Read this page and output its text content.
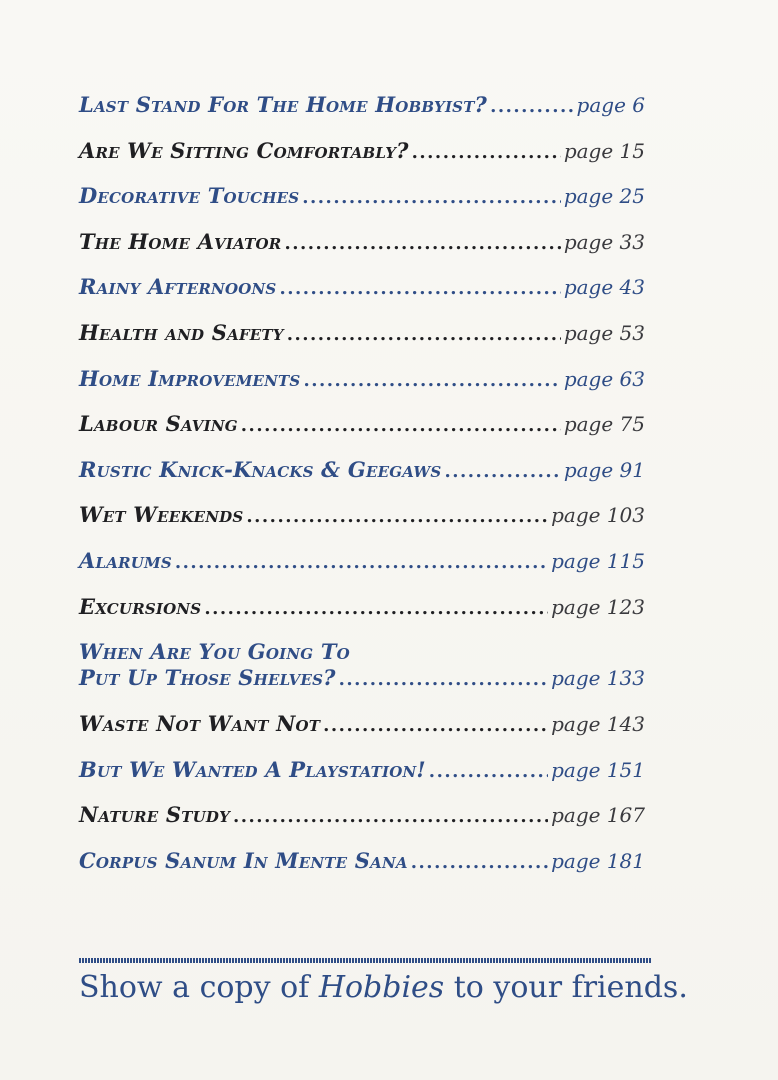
Last Stand For The Home Hobbyist? .....	page 6
Are We Sitting Comfortably? .....	page 15
Decorative Touches .....	page 25
The Home Aviator .....	page 33
Rainy Afternoons .....	page 43
Health and Safety .....	page 53
Home Improvements .....	page 63
Labour Saving .....	page 75
Rustic Knick-Knacks & Geegaws .....	page 91
Wet Weekends .....	page 103
Alarums .....	page 115
Excursions .....	page 123
When Are You Going To
Put Up Those Shelves? .....	page 133
Waste Not Want Not .....	page 143
But We Wanted A Playstation! .....	page 151
Nature Study .....	page 167
Corpus Sanum In Mente Sana .....	page 181
Show a copy of Hobbies to your friends.
